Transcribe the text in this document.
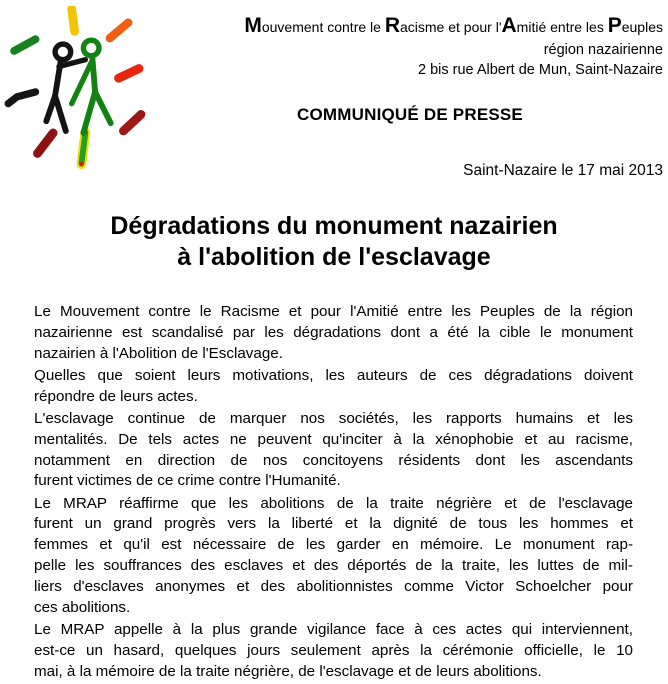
Mouvement contre le Racisme et pour l'Amitié entre les Peuples
région nazairienne
2 bis rue Albert de Mun, Saint-Nazaire
COMMUNIQUÉ DE PRESSE
Saint-Nazaire le 17 mai 2013
Dégradations du monument nazairien
à l'abolition de l'esclavage
Le Mouvement contre le Racisme et pour l'Amitié entre les Peuples de la région
nazairienne est scandalisé par les dégradations dont a été la cible le monument
nazairien à l'Abolition de l'Esclavage.
Quelles que soient leurs motivations, les auteurs de ces dégradations doivent
répondre de leurs actes.
L'esclavage continue de marquer nos sociétés, les rapports humains et les
mentalités. De tels actes ne peuvent qu'inciter à la xénophobie et au racisme,
notamment en direction de nos concitoyens résidents dont les ascendants
furent victimes de ce crime contre l'Humanité.
Le MRAP réaffirme que les abolitions de la traite négrière et de l'esclavage
furent un grand progrès vers la liberté et la dignité de tous les hommes et
femmes et qu'il est nécessaire de les garder en mémoire. Le monument rap-
pelle les souffrances des esclaves et des déportés de la traite, les luttes de mil-
liers d'esclaves anonymes et des abolitionnistes comme Victor Schoelcher pour
ces abolitions.
Le MRAP appelle à la plus grande vigilance face à ces actes qui interviennent,
est-ce un hasard, quelques jours seulement après la cérémonie officielle, le 10
mai, à la mémoire de la traite négrière, de l'esclavage et de leurs abolitions.
